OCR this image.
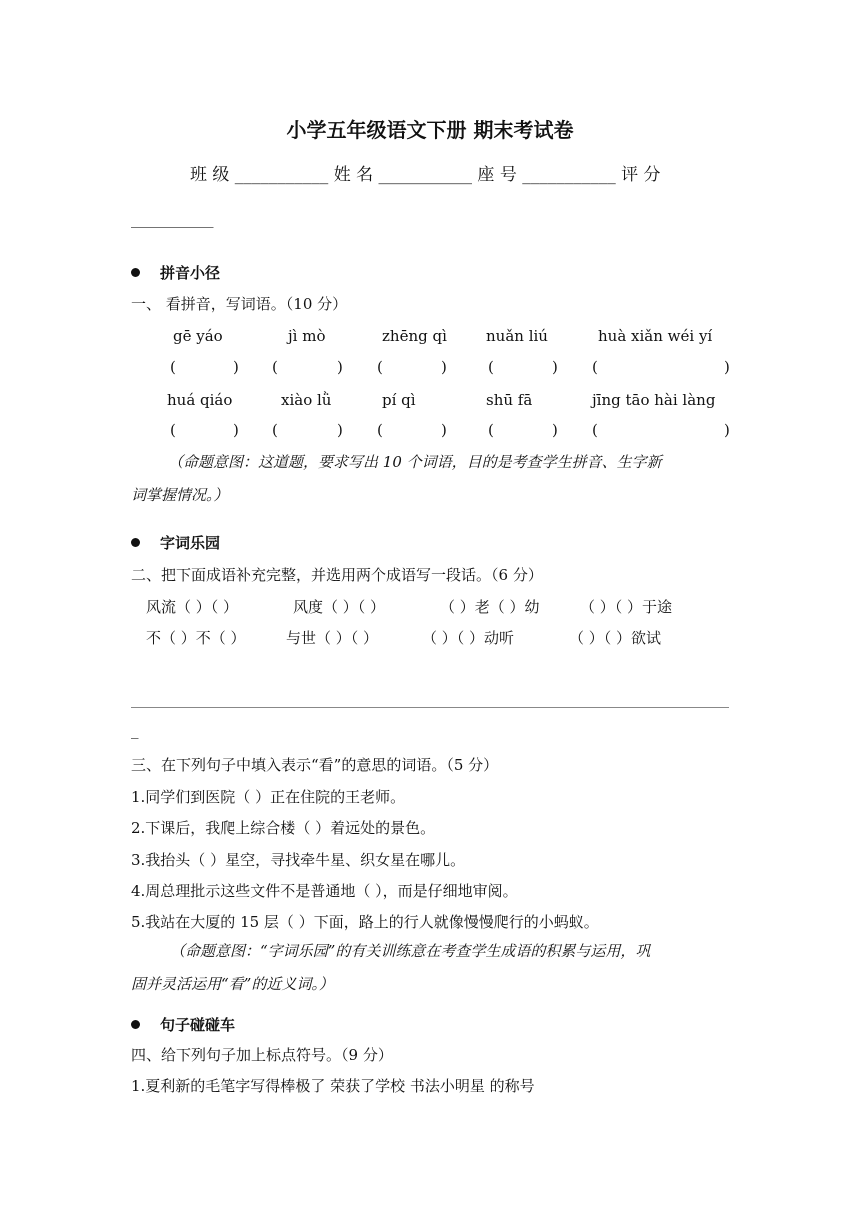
小学五年级语文下册 期末考试卷
班 级 ___________ 姓 名 ___________ 座 号 ___________ 评 分
___________
拼音小径
一、 看拼音，写词语。（10 分）
gē yáo	jì mò	zhēng qì	nuǎn liú	huà xiǎn wéi yí
(	) (	) (	)	(	) (	)
huá qiáo	xiào lǜ	pí qì	shū fā	jīng tāo hài làng
(	) (	) (	)	(	) (	)
（命题意图：这道题，要求写出 10 个词语，目的是考查学生拼音、生字新
词掌握情况。）
字词乐园
二、把下面成语补充完整，并选用两个成语写一段话。（6 分）
风流（ ）（ ）	风度（ ）（ ）	（ ）老（ ）幼	（ ）（ ）于途
不（ ）不（ ）	与世（ ）（ ）	（ ）（ ）动听	（ ）（ ）欲试
_
三、在下列句子中填入表示“看”的意思的词语。（5 分）
1.同学们到医院（ ）正在住院的王老师。
2.下课后，我爬上综合楼（ ）着远处的景色。
3.我抬头（ ）星空，寻找牵牛星、织女星在哪儿。
4.周总理批示这些文件不是普通地（ ），而是仔细地审阅。
5.我站在大厦的 15 层（ ）下面，路上的行人就像慢慢爬行的小蚂蚁。
（命题意图：“字词乐园”的有关训练意在考查学生成语的积累与运用，巩
固并灵活运用“看”的近义词。）
句子碰碰车
四、给下列句子加上标点符号。（9 分）
1.夏利新的毛笔字写得棒极了 荣获了学校 书法小明星 的称号
